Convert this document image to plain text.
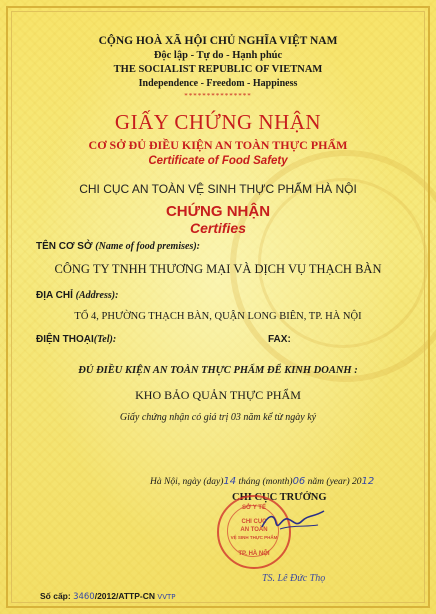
CỘNG HOÀ XÃ HỘI CHỦ NGHĨA VIỆT NAM
Độc lập - Tự do - Hạnh phúc
THE SOCIALIST REPUBLIC OF VIETNAM
Independence - Freedom - Happiness
***************
GIẤY CHỨNG NHẬN
CƠ SỞ ĐỦ ĐIỀU KIỆN AN TOÀN THỰC PHẨM
Certificate of Food Safety
CHI CỤC AN TOÀN VỆ SINH THỰC PHẨM HÀ NỘI
CHỨNG NHẬN
Certifies
TÊN CƠ SỞ (Name of food premises):
CÔNG TY TNHH THƯƠNG MẠI VÀ DỊCH VỤ THẠCH BÀN
ĐỊA CHỈ (Address):
TỔ 4, PHƯỜNG THẠCH BÀN, QUẬN LONG BIÊN, TP. HÀ NỘI
ĐIỆN THOẠI(Tel):	FAX:
ĐỦ ĐIỀU KIỆN AN TOÀN THỰC PHẨM ĐỂ KINH DOANH :
KHO BẢO QUẢN THỰC PHẨM
Giấy chứng nhận có giá trị 03 năm kể từ ngày ký
Hà Nội, ngày (day)14 tháng (month)06 năm (year) 2012
CHI CỤC TRƯỞNG
SỞ Y TẾ
CHI CỤC
AN TOÀN
VỆ SINH THỰC PHẨM
TP. HÀ NỘI
TS. Lê Đức Thọ
Số cấp: 3460/2012/ATTP-CN VVTP
